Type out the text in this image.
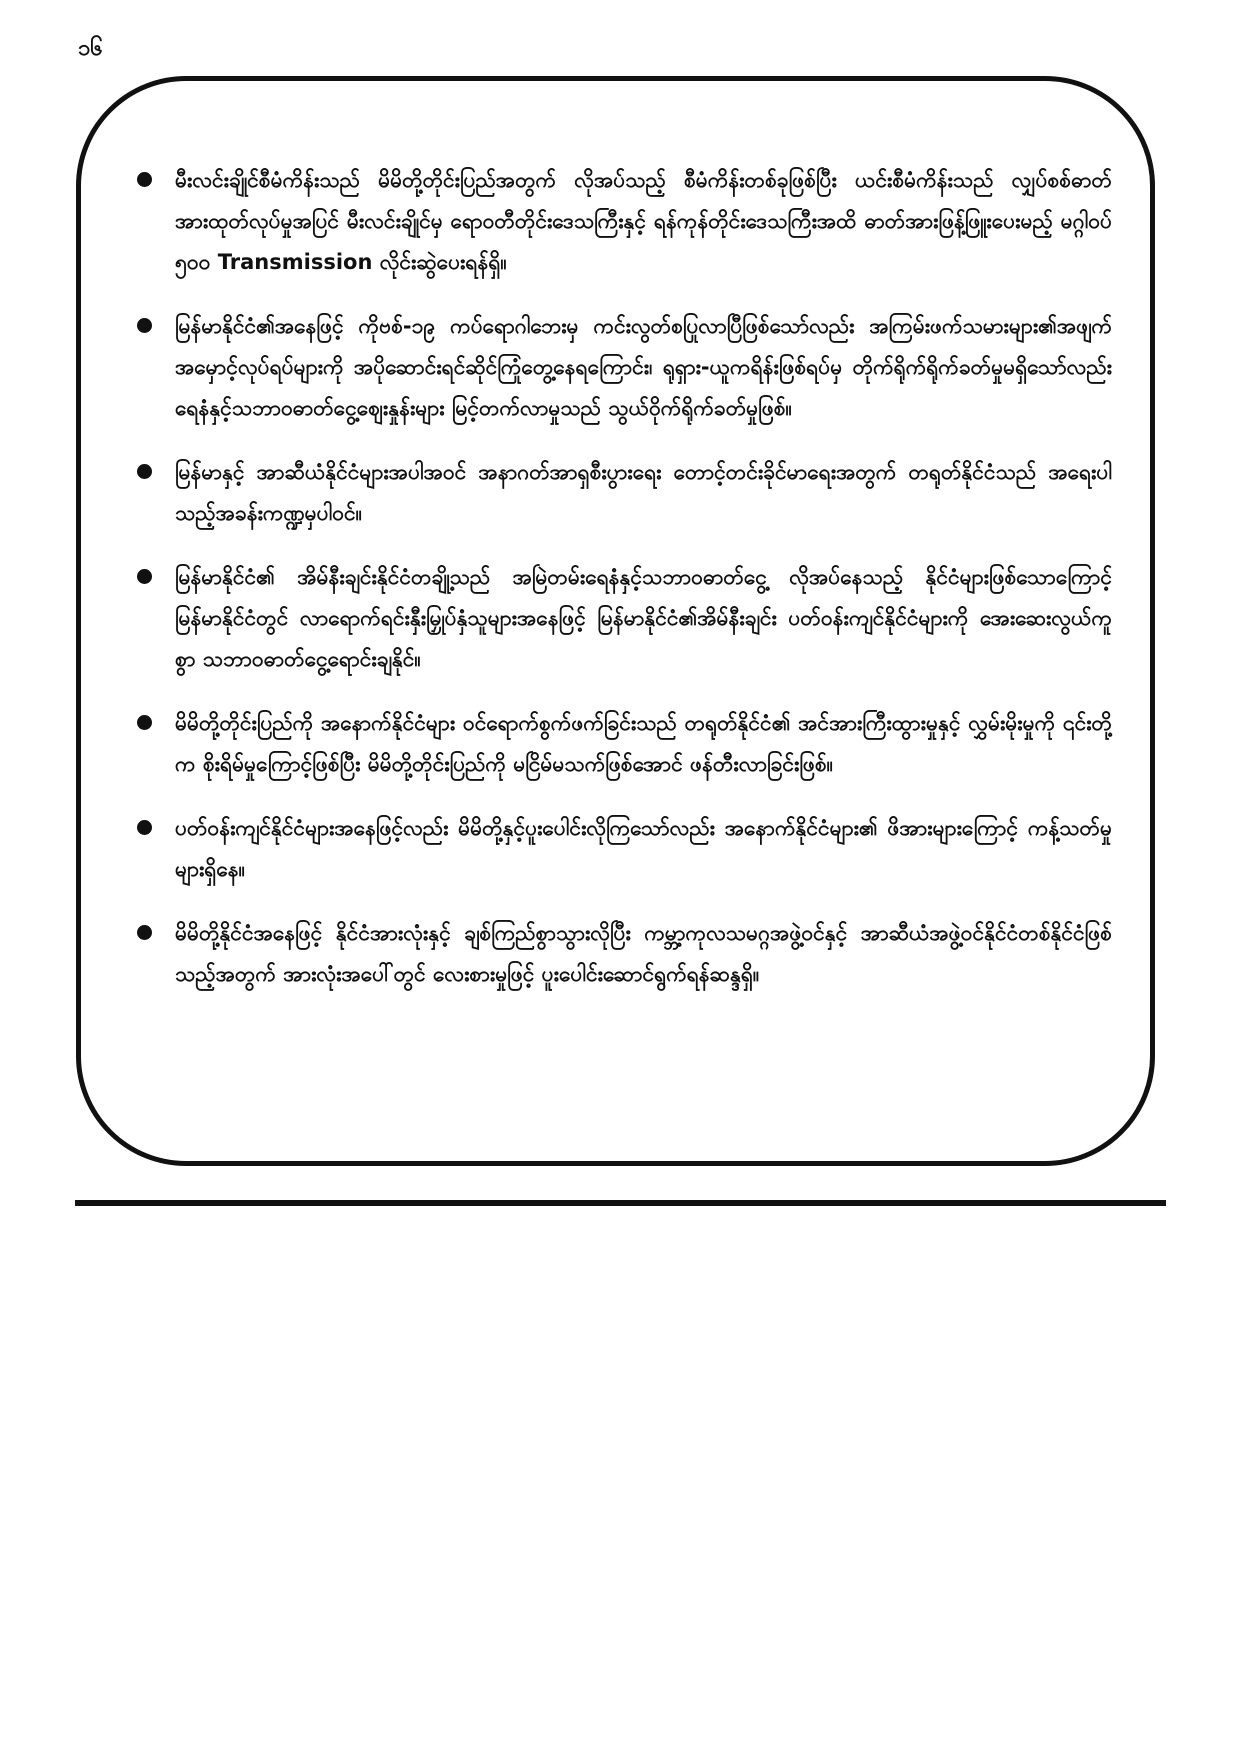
၁၆
မီးလင်းချိုင်စီမံကိန်းသည် မိမိတို့တိုင်းပြည်အတွက် လိုအပ်သည့် စီမံကိန်းတစ်ခုဖြစ်ပြီး ယင်းစီမံကိန်းသည် လျှပ်စစ်ဓာတ်အားထုတ်လုပ်မှုအပြင် မီးလင်းချိုင်မှ ရောဝတီတိုင်းဒေသကြီးနှင့် ရန်ကုန်တိုင်းဒေသကြီးအထိ ဓာတ်အားဖြန့်ဖြူးပေးမည့် မဂ္ဂါဝပ် ၅၀၀ Transmission လိုင်းဆွဲပေးရန်ရှိ။
မြန်မာနိုင်ငံ၏အနေဖြင့် ကိုဗစ်-၁၉ ကပ်ရောဂါဘေးမှ ကင်းလွတ်စပြုလာပြီဖြစ်သော်လည်း အကြမ်းဖက်သမားများ၏အဖျက်အမှောင့်လုပ်ရပ်များကို အပိုဆောင်းရင်ဆိုင်ကြုံတွေ့နေရကြောင်း၊ ရုရှား-ယူကရိန်းဖြစ်ရပ်မှ တိုက်ရိုက်ရိုက်ခတ်မှုမရှိသော်လည်း ရေနံနှင့်သဘာဝဓာတ်ငွေ့ဈေးနှုန်းများ မြင့်တက်လာမှုသည် သွယ်ဝိုက်ရိုက်ခတ်မှုဖြစ်။
မြန်မာနှင့် အာဆီယံနိုင်ငံများအပါအဝင် အနာဂတ်အာရှစီးပွားရေး တောင့်တင်းခိုင်မာရေးအတွက် တရုတ်နိုင်ငံသည် အရေးပါသည့်အခန်းကဏ္ဍမှပါဝင်။
မြန်မာနိုင်ငံ၏ အိမ်နီးချင်းနိုင်ငံတချို့သည် အမြဲတမ်းရေနံနှင့်သဘာဝဓာတ်ငွေ့ လိုအပ်နေသည့် နိုင်ငံများဖြစ်သောကြောင့် မြန်မာနိုင်ငံတွင် လာရောက်ရင်းနှီးမြှုပ်နှံသူများအနေဖြင့် မြန်မာနိုင်ငံ၏အိမ်နီးချင်း ပတ်ဝန်းကျင်နိုင်ငံများကို အေးဆေးလွယ်ကူစွာ သဘာဝဓာတ်ငွေ့ရောင်းချနိုင်။
မိမိတို့တိုင်းပြည်ကို အနောက်နိုင်ငံများ ဝင်ရောက်စွက်ဖက်ခြင်းသည် တရုတ်နိုင်ငံ၏ အင်အားကြီးထွားမှုနှင့် လွှမ်းမိုးမှုကို ၎င်းတို့က စိုးရိမ်မှုကြောင့်ဖြစ်ပြီး မိမိတို့တိုင်းပြည်ကို မငြိမ်မသက်ဖြစ်အောင် ဖန်တီးလာခြင်းဖြစ်။
ပတ်ဝန်းကျင်နိုင်ငံများအနေဖြင့်လည်း မိမိတို့နှင့်ပူးပေါင်းလိုကြသော်လည်း အနောက်နိုင်ငံများ၏ ဖိအားများကြောင့် ကန့်သတ်မှုများရှိနေ။
မိမိတို့နိုင်ငံအနေဖြင့် နိုင်ငံအားလုံးနှင့် ချစ်ကြည်စွာသွားလိုပြီး ကမ္ဘာ့ကုလသမဂ္ဂအဖွဲ့ဝင်နှင့် အာဆီယံအဖွဲ့ဝင်နိုင်ငံတစ်နိုင်ငံဖြစ်သည့်အတွက် အားလုံးအပေါ်တွင် လေးစားမှုဖြင့် ပူးပေါင်းဆောင်ရွက်ရန်ဆန္ဒရှိ။
